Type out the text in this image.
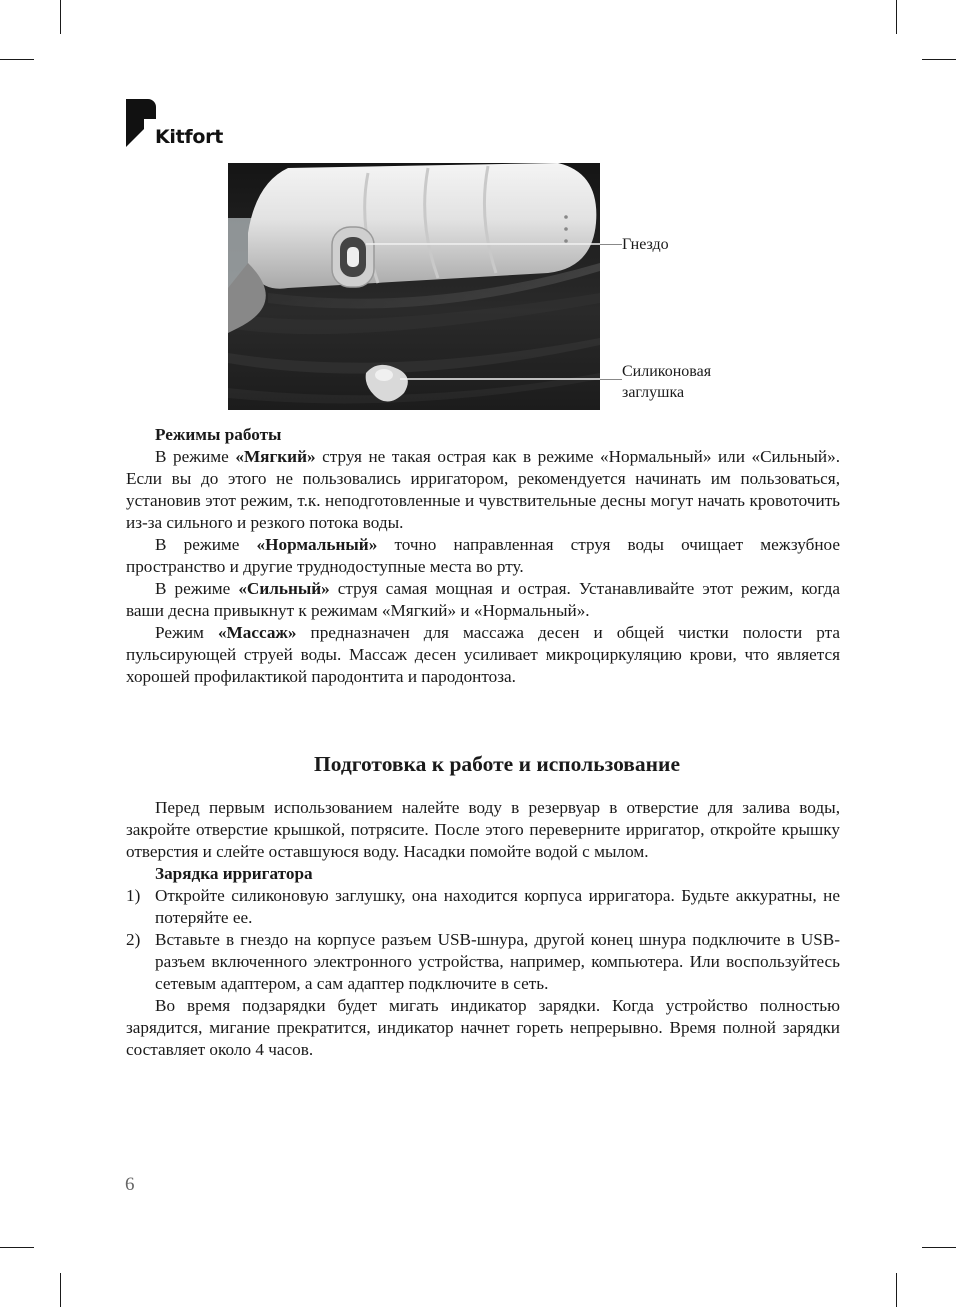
Kitfort
Гнездо
Силиконовая
заглушка

Режимы работы

В режиме «Мягкий» струя не такая острая как в режиме «Нормальный» или «Сильный». Если вы до этого не пользовались ирригатором, рекомендуется начинать им пользоваться, установив этот режим, т.к. неподготовленные и чувствительные десны могут начать кровоточить из-за сильного и резкого потока воды.

В режиме «Нормальный» точно направленная струя воды очищает межзубное пространство и другие труднодоступные места во рту.

В режиме «Сильный» струя самая мощная и острая. Устанавливайте этот режим, когда ваши десна привыкнут к режимам «Мягкий» и «Нормальный».

Режим «Массаж» предназначен для массажа десен и общей чистки полости рта пульсирующей струей воды. Массаж десен усиливает микроциркуляцию крови, что является хорошей профилактикой пародонтита и пародонтоза.

Подготовка к работе и использование

Перед первым использованием налейте воду в резервуар в отверстие для залива воды, закройте отверстие крышкой, потрясите. После этого переверните ирригатор, откройте крышку отверстия и слейте оставшуюся воду. Насадки помойте водой с мылом.

Зарядка ирригатора

1) Откройте силиконовую заглушку, она находится корпуса ирригатора. Будьте аккуратны, не потеряйте ее.
2) Вставьте в гнездо на корпусе разъем USB-шнура, другой конец шнура подключите в USB-разъем включенного электронного устройства, например, компьютера. Или воспользуйтесь сетевым адаптером, а сам адаптер подключите в сеть.

Во время подзарядки будет мигать индикатор зарядки. Когда устройство полностью зарядится, мигание прекратится, индикатор начнет гореть непрерывно. Время полной зарядки составляет около 4 часов.

6
